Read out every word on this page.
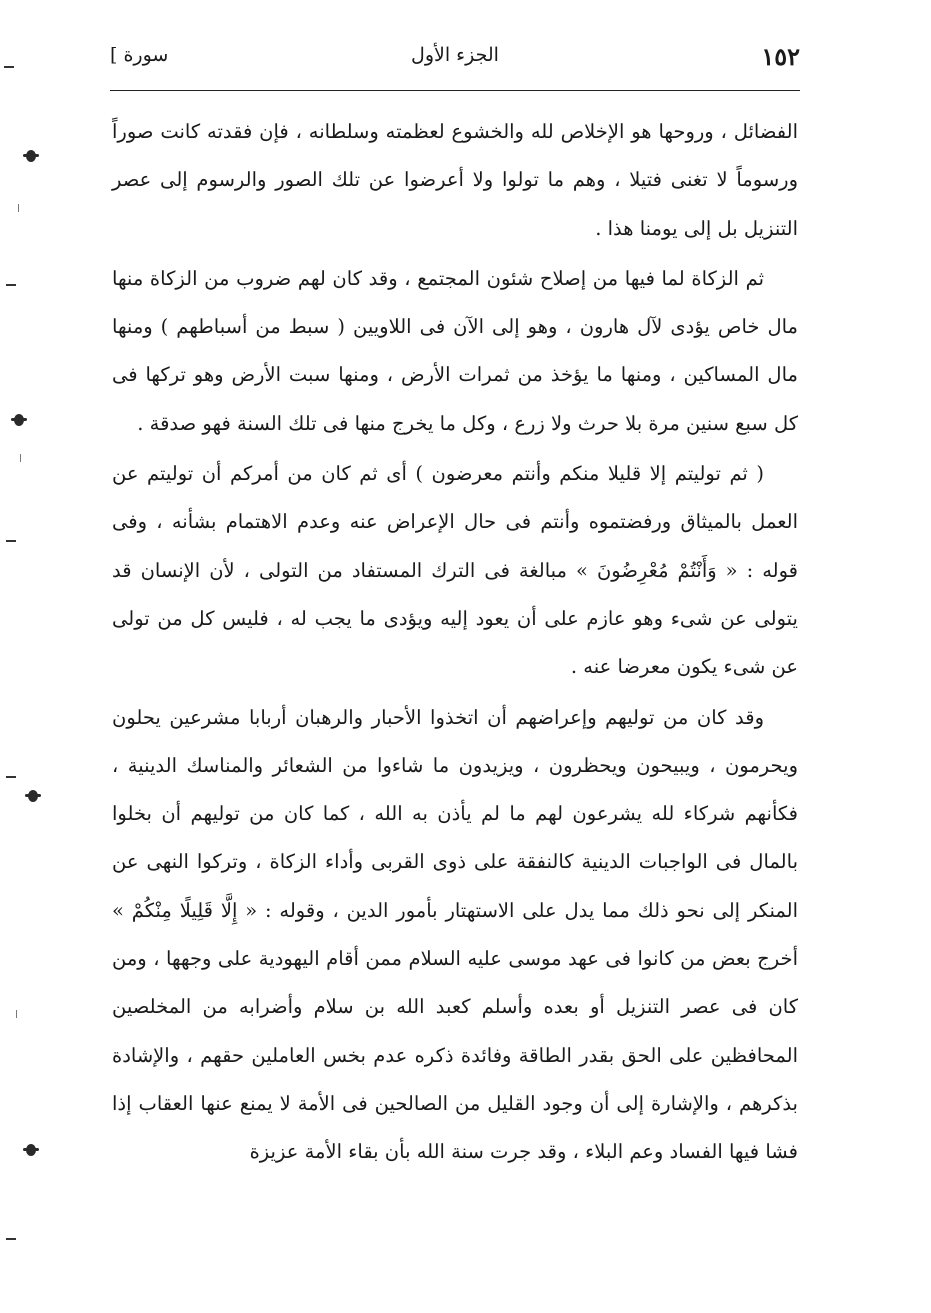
١٥٢
الجزء الأول
سورة ]

الفضائل ، وروحها هو الإخلاص لله والخشوع لعظمته وسلطانه ، فإن فقدته كانت صوراً ورسوماً لا تغنى فتيلا ، وهم ما تولوا ولا أعرضوا عن تلك الصور والرسوم إلى عصر التنزيل بل إلى يومنا هذا .

ثم الزكاة لما فيها من إصلاح شئون المجتمع ، وقد كان لهم ضروب من الزكاة منها مال خاص يؤدى لآل هارون ، وهو إلى الآن فى اللاويين ( سبط من أسباطهم ) ومنها مال المساكين ، ومنها ما يؤخذ من ثمرات الأرض ، ومنها سبت الأرض وهو تركها فى كل سبع سنين مرة بلا حرث ولا زرع ، وكل ما يخرج منها فى تلك السنة فهو صدقة .

( ثم توليتم إلا قليلا منكم وأنتم معرضون ) أى ثم كان من أمركم أن توليتم عن العمل بالميثاق ورفضتموه وأنتم فى حال الإعراض عنه وعدم الاهتمام بشأنه ، وفى قوله : « وَأَنْتُمْ مُعْرِضُونَ » مبالغة فى الترك المستفاد من التولى ، لأن الإنسان قد يتولى عن شىء وهو عازم على أن يعود إليه ويؤدى ما يجب له ، فليس كل من تولى عن شىء يكون معرضا عنه .

وقد كان من توليهم وإعراضهم أن اتخذوا الأحبار والرهبان أربابا مشرعين يحلون ويحرمون ، ويبيحون ويحظرون ، ويزيدون ما شاءوا من الشعائر والمناسك الدينية ، فكأنهم شركاء لله يشرعون لهم ما لم يأذن به الله ، كما كان من توليهم أن بخلوا بالمال فى الواجبات الدينية كالنفقة على ذوى القربى وأداء الزكاة ، وتركوا النهى عن المنكر إلى نحو ذلك مما يدل على الاستهتار بأمور الدين ، وقوله : « إِلَّا قَلِيلًا مِنْكُمْ » أخرج بعض من كانوا فى عهد موسى عليه السلام ممن أقام اليهودية على وجهها ، ومن كان فى عصر التنزيل أو بعده وأسلم كعبد الله بن سلام وأضرابه من المخلصين المحافظين على الحق بقدر الطاقة وفائدة ذكره عدم بخس العاملين حقهم ، والإشادة بذكرهم ، والإشارة إلى أن وجود القليل من الصالحين فى الأمة لا يمنع عنها العقاب إذا فشا فيها الفساد وعم البلاء ، وقد جرت سنة الله بأن بقاء الأمة عزيزة
